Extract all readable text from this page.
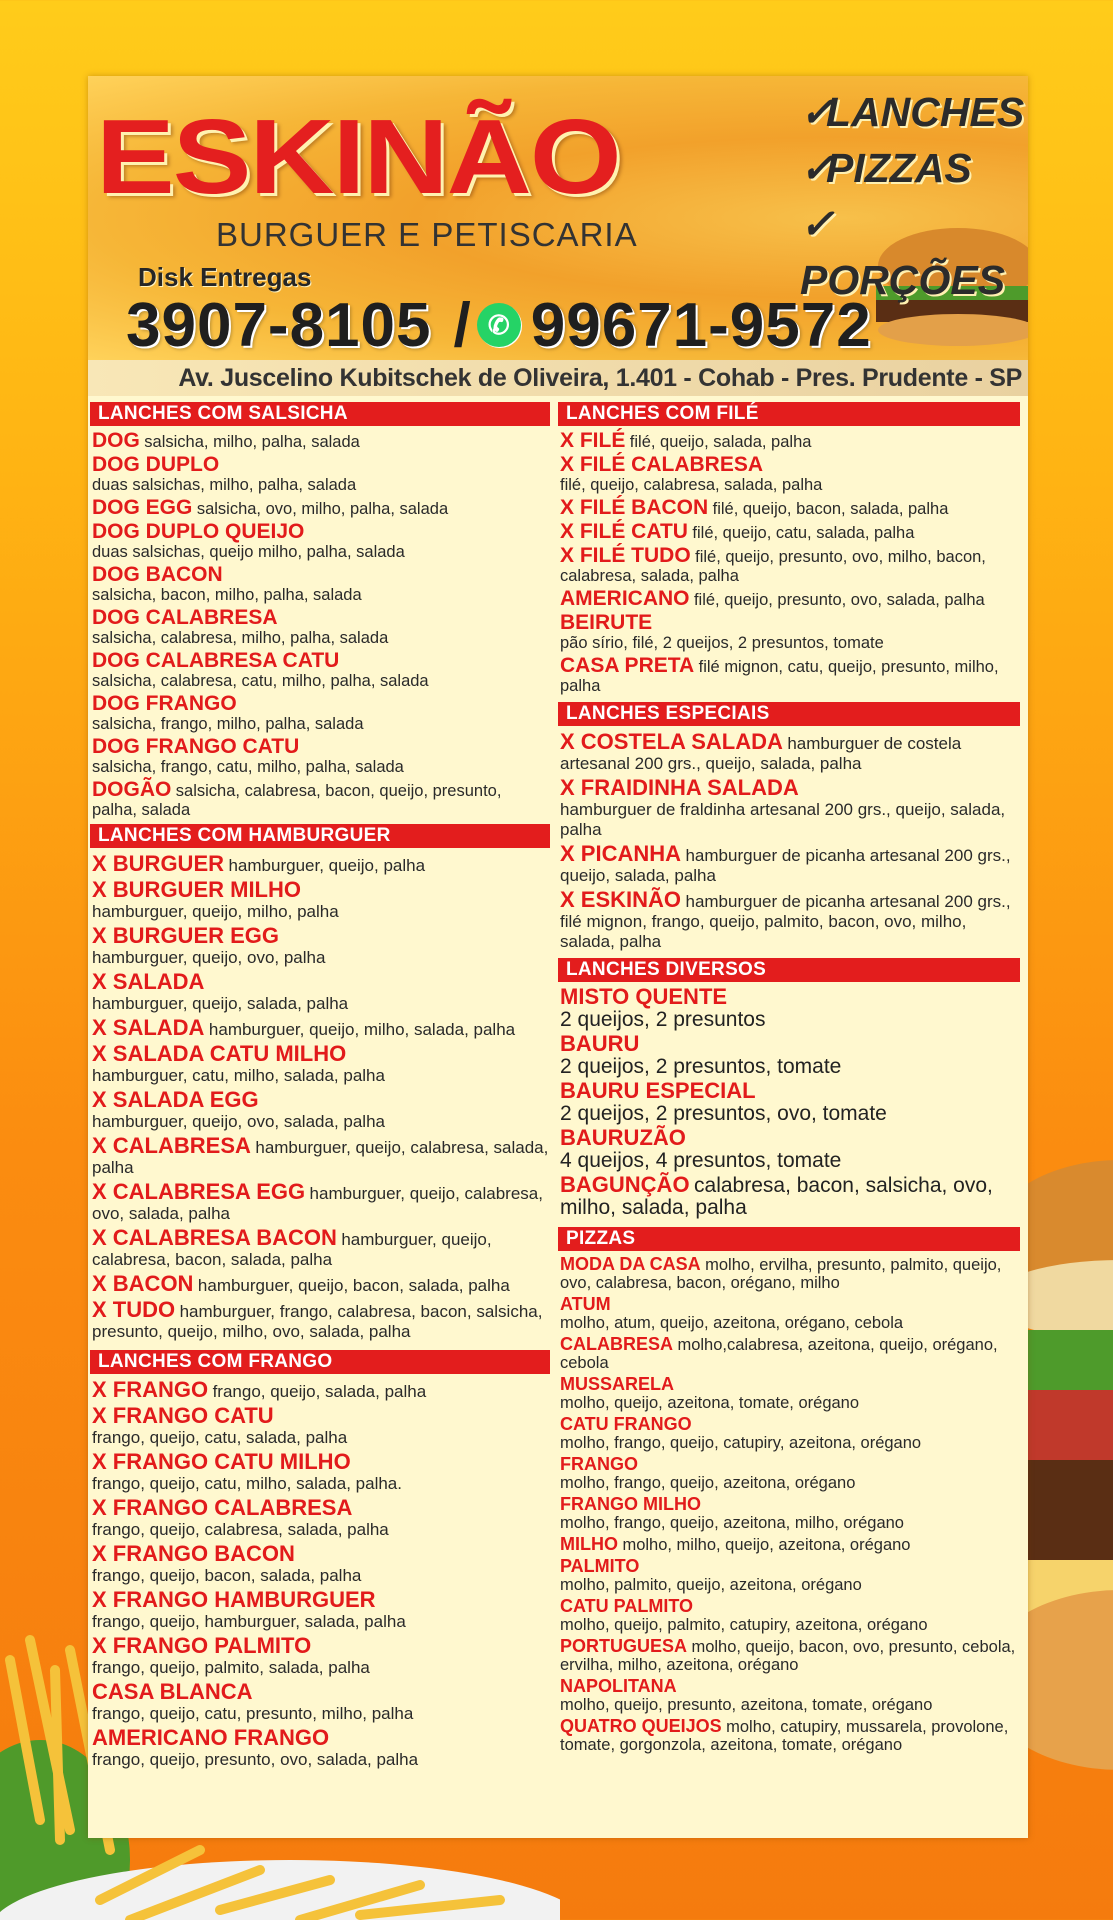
ESKINÃO
BURGUER E PETISCARIA
✓LANCHES
✓PIZZAS
✓PORÇÕES
Disk Entregas
3907-8105 / ✆ 99671-9572
Av. Juscelino Kubitschek de Oliveira, 1.401 - Cohab - Pres. Prudente - SP
LANCHES COM SALSICHA
DOG salsicha, milho, palha, salada
DOG DUPLO
duas salsichas, milho, palha, salada
DOG EGG salsicha, ovo, milho, palha, salada
DOG DUPLO QUEIJO
duas salsichas, queijo milho, palha, salada
DOG BACON
salsicha, bacon, milho, palha, salada
DOG CALABRESA
salsicha, calabresa, milho, palha, salada
DOG CALABRESA CATU
salsicha, calabresa, catu, milho, palha, salada
DOG FRANGO
salsicha, frango, milho, palha, salada
DOG FRANGO CATU
salsicha, frango, catu, milho, palha, salada
DOGÃO salsicha, calabresa, bacon, queijo, presunto, palha, salada
LANCHES COM HAMBURGUER
X BURGUER hamburguer, queijo, palha
X BURGUER MILHO
hamburguer, queijo, milho, palha
X BURGUER EGG
hamburguer, queijo, ovo, palha
X SALADA
hamburguer, queijo, salada, palha
X SALADA hamburguer, queijo, milho, salada, palha
X SALADA CATU MILHO
hamburguer, catu, milho, salada, palha
X SALADA EGG
hamburguer, queijo, ovo, salada, palha
X CALABRESA hamburguer, queijo, calabresa, salada, palha
X CALABRESA EGG hamburguer, queijo, calabresa, ovo, salada, palha
X CALABRESA BACON hamburguer, queijo, calabresa, bacon, salada, palha
X BACON hamburguer, queijo, bacon, salada, palha
X TUDO hamburguer, frango, calabresa, bacon, salsicha, presunto, queijo, milho, ovo, salada, palha
LANCHES COM FRANGO
X FRANGO frango, queijo, salada, palha
X FRANGO CATU
frango, queijo, catu, salada, palha
X FRANGO CATU MILHO
frango, queijo, catu, milho, salada, palha.
X FRANGO CALABRESA
frango, queijo, calabresa, salada, palha
X FRANGO BACON
frango, queijo, bacon, salada, palha
X FRANGO HAMBURGUER
frango, queijo, hamburguer, salada, palha
X FRANGO PALMITO
frango, queijo, palmito, salada, palha
CASA BLANCA
frango, queijo, catu, presunto, milho, palha
AMERICANO FRANGO
frango, queijo, presunto, ovo, salada, palha
LANCHES COM FILÉ
X FILÉ filé, queijo, salada, palha
X FILÉ CALABRESA
filé, queijo, calabresa, salada, palha
X FILÉ BACON filé, queijo, bacon, salada, palha
X FILÉ CATU filé, queijo, catu, salada, palha
X FILÉ TUDO filé, queijo, presunto, ovo, milho, bacon, calabresa, salada, palha
AMERICANO filé, queijo, presunto, ovo, salada, palha
BEIRUTE
pão sírio, filé, 2 queijos, 2 presuntos, tomate
CASA PRETA filé mignon, catu, queijo, presunto, milho, palha
LANCHES ESPECIAIS
X COSTELA SALADA hamburguer de costela artesanal 200 grs., queijo, salada, palha
X FRAIDINHA SALADA
hamburguer de fraldinha artesanal 200 grs., queijo, salada, palha
X PICANHA hamburguer de picanha artesanal 200 grs., queijo, salada, palha
X ESKINÃO hamburguer de picanha artesanal 200 grs., filé mignon, frango, queijo, palmito, bacon, ovo, milho, salada, palha
LANCHES DIVERSOS
MISTO QUENTE
2 queijos, 2 presuntos
BAURU
2 queijos, 2 presuntos, tomate
BAURU ESPECIAL
2 queijos, 2 presuntos, ovo, tomate
BAURUZÃO
4 queijos, 4 presuntos, tomate
BAGUNÇÃO calabresa, bacon, salsicha, ovo, milho, salada, palha
PIZZAS
MODA DA CASA molho, ervilha, presunto, palmito, queijo, ovo, calabresa, bacon, orégano, milho
ATUM
molho, atum, queijo, azeitona, orégano, cebola
CALABRESA molho,calabresa, azeitona, queijo, orégano, cebola
MUSSARELA
molho, queijo, azeitona, tomate, orégano
CATU FRANGO
molho, frango, queijo, catupiry, azeitona, orégano
FRANGO
molho, frango, queijo, azeitona, orégano
FRANGO MILHO
molho, frango, queijo, azeitona, milho, orégano
MILHO molho, milho, queijo, azeitona, orégano
PALMITO
molho, palmito, queijo, azeitona, orégano
CATU PALMITO
molho, queijo, palmito, catupiry, azeitona, orégano
PORTUGUESA molho, queijo, bacon, ovo, presunto, cebola, ervilha, milho, azeitona, orégano
NAPOLITANA
molho, queijo, presunto, azeitona, tomate, orégano
QUATRO QUEIJOS molho, catupiry, mussarela, provolone, tomate, gorgonzola, azeitona, tomate, orégano
